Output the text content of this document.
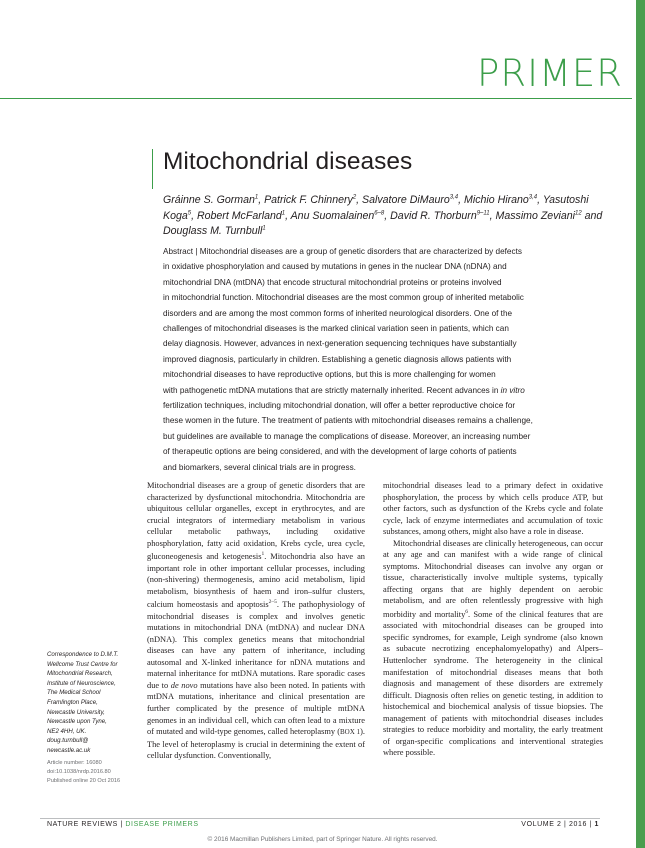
PRIMER
Mitochondrial diseases
Gráinne S. Gorman$^1$, Patrick F. Chinnery$^2$, Salvatore DiMauro$^{3,4}$, Michio Hirano$^{3,4}$, Yasutoshi Koga$^5$, Robert McFarland$^1$, Anu Suomalainen$^{6-8}$, David R. Thorburn$^{9-11}$, Massimo Zeviani$^{12}$ and Douglass M. Turnbull$^1$
Abstract | Mitochondrial diseases are a group of genetic disorders that are characterized by defects
in oxidative phosphorylation and caused by mutations in genes in the nuclear DNA (nDNA) and
mitochondrial DNA (mtDNA) that encode structural mitochondrial proteins or proteins involved
in mitochondrial function. Mitochondrial diseases are the most common group of inherited metabolic
disorders and are among the most common forms of inherited neurological disorders. One of the
challenges of mitochondrial diseases is the marked clinical variation seen in patients, which can
delay diagnosis. However, advances in next-generation sequencing techniques have substantially
improved diagnosis, particularly in children. Establishing a genetic diagnosis allows patients with
mitochondrial diseases to have reproductive options, but this is more challenging for women
with pathogenetic mtDNA mutations that are strictly maternally inherited. Recent advances in in vitro
fertilization techniques, including mitochondrial donation, will offer a better reproductive choice for
these women in the future. The treatment of patients with mitochondrial diseases remains a challenge,
but guidelines are available to manage the complications of disease. Moreover, an increasing number
of therapeutic options are being considered, and with the development of large cohorts of patients
and biomarkers, several clinical trials are in progress.

Mitochondrial diseases are a group of genetic disorders that are characterized by dysfunctional mitochondria. Mitochondria are ubiquitous cellular organelles, except in erythrocytes, and are crucial integrators of intermediary metabolism in various cellular metabolic pathways, including oxidative phosphorylation, fatty acid oxidation, Krebs cycle, urea cycle, gluconeogenesis and ketogenesis$^1$. Mitochondria also have an important role in other important cellular processes, including (non-shivering) thermogenesis, amino acid metabolism, lipid metabolism, biosynthesis of haem and iron–sulfur clusters, calcium homeostasis and apoptosis$^{2-5}$. The pathophysiology of mitochondrial diseases is complex and involves genetic mutations in mitochondrial DNA (mtDNA) and nuclear DNA (nDNA). This complex genetics means that mitochondrial diseases can have any pattern of inheritance, including autosomal and X-linked inheritance for nDNA mutations and maternal inheritance for mtDNA mutations. Rare sporadic cases due to de novo mutations have also been noted. In patients with mtDNA mutations, inheritance and clinical presentation are further complicated by the presence of multiple mtDNA genomes in an individual cell, which can often lead to a mixture of mutated and wild-type genomes, called heteroplasmy (BOX 1). The level of heteroplasmy is crucial in determining the extent of cellular dysfunction. Conventionally,

mitochondrial diseases lead to a primary defect in oxidative phosphorylation, the process by which cells produce ATP, but other factors, such as dysfunction of the Krebs cycle and folate cycle, lack of enzyme intermediates and accumulation of toxic substances, among others, might also have a role in disease.

Mitochondrial diseases are clinically heterogeneous, can occur at any age and can manifest with a wide range of clinical symptoms. Mitochondrial diseases can involve any organ or tissue, characteristically involve multiple systems, typically affecting organs that are highly dependent on aerobic metabolism, and are often relentlessly progressive with high morbidity and mortality$^6$. Some of the clinical features that are associated with mitochondrial diseases can be grouped into specific syndromes, for example, Leigh syndrome (also known as subacute necrotizing encephalomyelopathy) and Alpers–Huttenlocher syndrome. The heterogeneity in the clinical manifestation of mitochondrial diseases means that both diagnosis and management of these disorders are extremely difficult. Diagnosis often relies on genetic testing, in addition to histochemical and biochemical analysis of tissue biopsies. The management of patients with mitochondrial diseases includes strategies to reduce morbidity and mortality, the early treatment of organ-specific complications and interventional strategies where possible.

Correspondence to D.M.T.
Wellcome Trust Centre for
Mitochondrial Research,
Institute of Neuroscience,
The Medical School
Framlington Place,
Newcastle University,
Newcastle upon Tyne,
NE2 4HH, UK.
doug.turnbull@
newcastle.ac.uk
Article number: 16080
doi:10.1038/nrdp.2016.80
Published online 20 Oct 2016
NATURE REVIEWS | DISEASE PRIMERS	VOLUME 2 | 2016 | 1
© 2016 Macmillan Publishers Limited, part of Springer Nature. All rights reserved.
